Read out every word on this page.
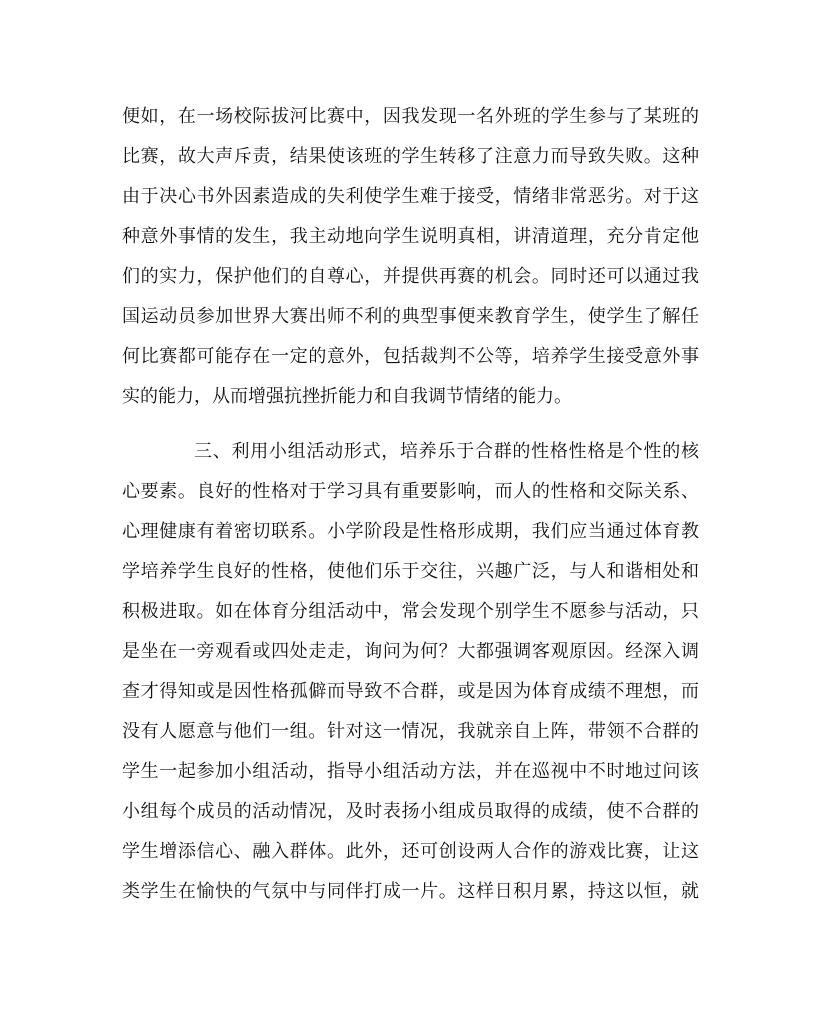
便如，在一场校际拔河比赛中，因我发现一名外班的学生参与了某班的
比赛，故大声斥责，结果使该班的学生转移了注意力而导致失败。这种
由于决心书外因素造成的失利使学生难于接受，情绪非常恶劣。对于这
种意外事情的发生，我主动地向学生说明真相，讲清道理，充分肯定他
们的实力，保护他们的自尊心，并提供再赛的机会。同时还可以通过我
国运动员参加世界大赛出师不利的典型事便来教育学生，使学生了解任
何比赛都可能存在一定的意外，包括裁判不公等，培养学生接受意外事
实的能力，从而增强抗挫折能力和自我调节情绪的能力。
三、利用小组活动形式，培养乐于合群的性格性格是个性的核
心要素。良好的性格对于学习具有重要影响，而人的性格和交际关系、
心理健康有着密切联系。小学阶段是性格形成期，我们应当通过体育教
学培养学生良好的性格，使他们乐于交往，兴趣广泛，与人和谐相处和
积极进取。如在体育分组活动中，常会发现个别学生不愿参与活动，只
是坐在一旁观看或四处走走，询问为何？大都强调客观原因。经深入调
查才得知或是因性格孤僻而导致不合群，或是因为体育成绩不理想，而
没有人愿意与他们一组。针对这一情况，我就亲自上阵，带领不合群的
学生一起参加小组活动，指导小组活动方法，并在巡视中不时地过问该
小组每个成员的活动情况，及时表扬小组成员取得的成绩，使不合群的
学生增添信心、融入群体。此外，还可创设两人合作的游戏比赛，让这
类学生在愉快的气氛中与同伴打成一片。这样日积月累，持这以恒，就
